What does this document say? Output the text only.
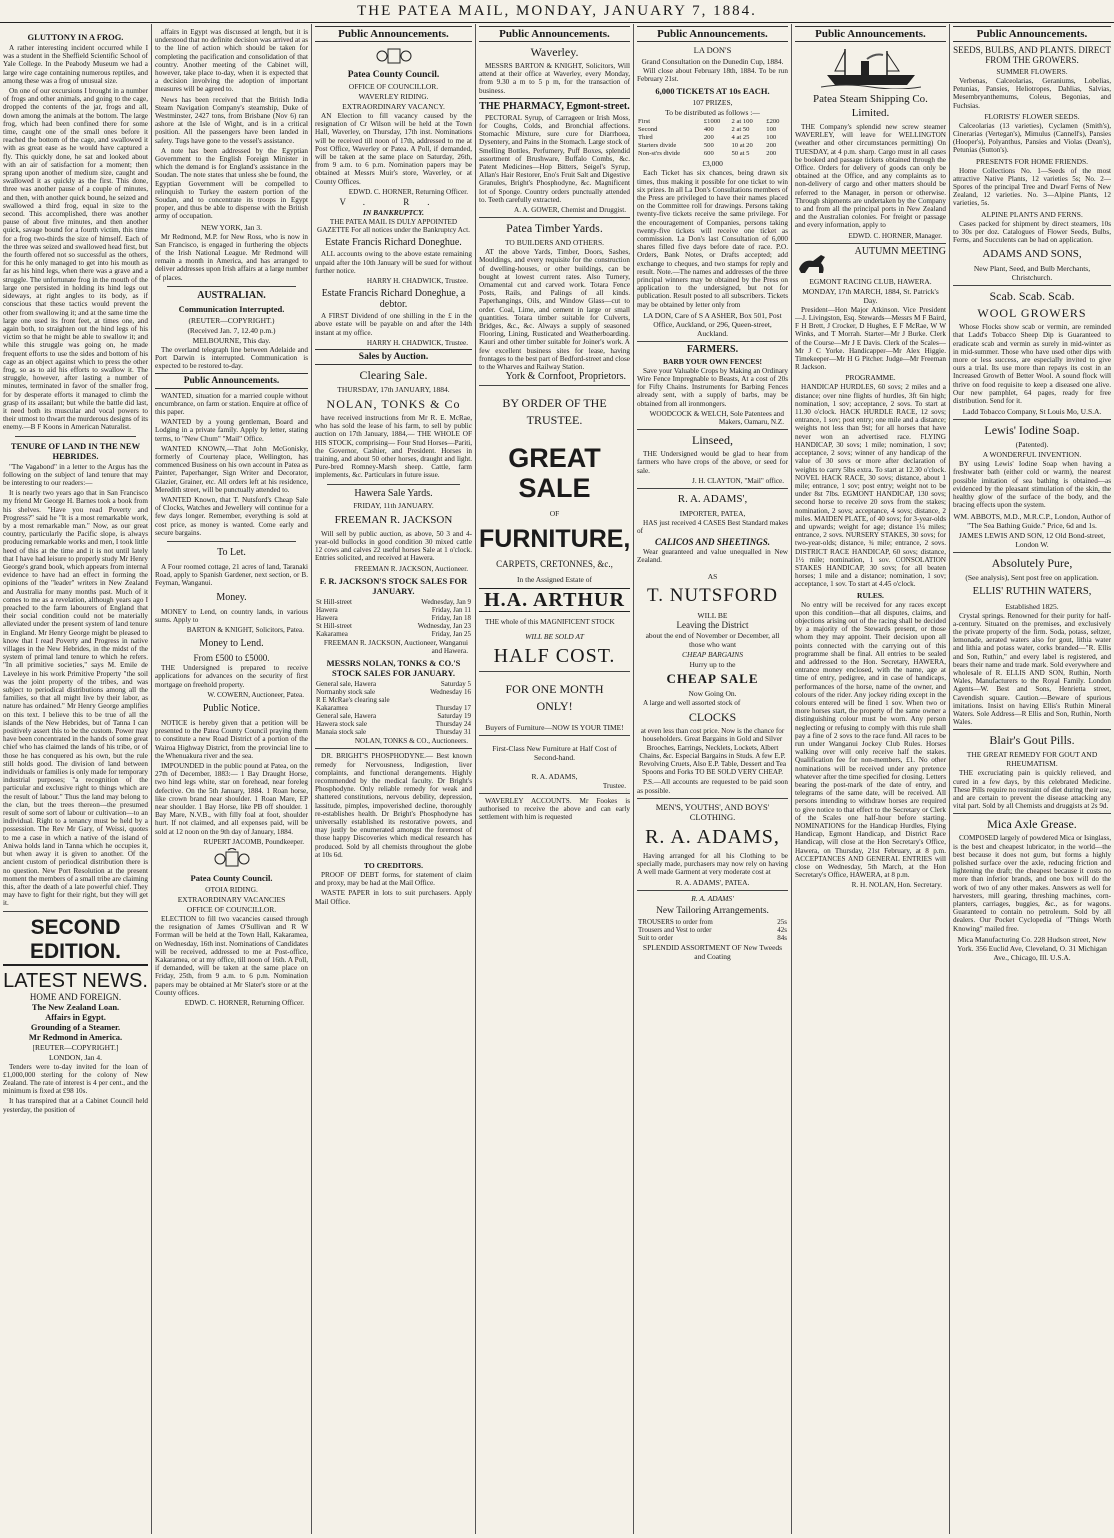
THE PATEA MAIL, MONDAY, JANUARY 7, 1884.
GLUTTONY IN A FROG.

A rather interesting incident occurred while I was a student in the Sheffield Scientific School of Yale College. In the Peabody Museum we had a large wire cage containing numerous reptiles, and among these was a frog of unusual size.

On one of our excursions I brought in a number of frogs and other animals, and going to the cage, dropped the contents of the jar, frogs and all, down among the animals at the bottom. The large frog, which had been confined there for some time, caught one of the small ones before it reached the bottom of the cage, and swallowed it with as great ease as he would have captured a fly. This quickly done, he sat and looked about with an air of satisfaction for a moment; then sprang upon another of medium size, caught and swallowed it as quickly as the first. This done, three was another pause of a couple of minutes, and then, with another quick bound, he seized and swallowed a third frog, equal in size to the second. This accomplished, there was another pause of about five minutes, and then another quick, savage bound for a fourth victim, this time for a frog two-thirds the size of himself. Each of the three was seized and swallowed head first, but the fourth offered not so successful as the others, for this he only managed to get into his mouth as far as his hind legs, when there was a grave and a struggle. The unfortunate frog in the mouth of the large one persisted in holding its hind legs out sideways, at right angles to its body, as if conscious that these tactics would prevent the other from swallowing it; and at the same time the large one used its front feet, at times one, and again both, to straighten out the hind legs of his victim so that he might be able to swallow it; and while this struggle was going on, he made frequent efforts to use the sides and bottom of his cage as an object against which to press the other frog, so as to aid his efforts to swallow it. The struggle, however, after lasting a number of minutes, terminated in favor of the smaller frog, for by desperate efforts it managed to climb the grasp of its assailant; but while the battle did last, it need both its muscular and vocal powers to their utmost to thwart the murderous designs of its enemy.—B F Koons in American Naturalist.

TENURE OF LAND IN THE NEW HEBRIDES.

"The Vagabond" in a letter to the Argus has the following on the subject of land tenure that may be interesting to our readers:—

It is nearly two years ago that in San Francisco my friend Mr George H. Barnes took a book from his shelves. "Have you read Poverty and Progress?" said he "It is a most remarkable work, by a most remarkable man." Now, as our great country, particularly the Pacific slope, is always producing remarkable works and men, I took little heed of this at the time and it is not until lately that I have had leisure to properly study Mr Henry George's grand book, which appears from internal evidence to have had an effect in forming the opinions of the "leader" writers in New Zealand and Australia for many months past. Much of it comes to me as a revelation, although years ago I preached to the farm labourers of England that their social condition could not be materially alleviated under the present system of land tenure in England. Mr Henry George might be pleased to know that I read Poverty and Progress in native villages in the New Hebrides, in the midst of the system of primal land tenure to which he refers. "In all primitive societies," says M. Emile de Laveleye in his work Primitive Property "the soil was the joint property of the tribes, and was subject to periodical distributions among all the families, so that all might live by their labor, as nature has ordained." Mr Henry George amplifies on this text. I believe this to be true of all the islands of the New Hebrides, but of Tanna I can positively assert this to be the custom. Power may have been concentrated in the hands of some great chief who has claimed the lands of his tribe, or of those he has conquered as his own, but the rule still holds good. The division of land between individuals or families is only made for temporary industrial purposes; "a recognition of the particular and exclusive right to things which are the result of labour." Thus the land may belong to the clan, but the trees thereon—the presumed result of some sort of labour or cultivation—to an individual. Right to a tenancy must be held by a possession. The Rev Mr Gary, of Weissi, quotes to me a case in which a native of the island of Aniwa holds land in Tanna which he occupies it, but when away it is given to another. Of the ancient custom of periodical distribution there is no question. New Port Resolution at the present moment the members of a small tribe are claiming this, after the death of a late powerful chief. They may have to fight for their right, but they will get it.

SECOND EDITION.
LATEST NEWS.
HOME AND FOREIGN.
The New Zealand Loan.
Affairs in Egypt.
Grounding of a Steamer.
Mr Redmond in America.
[REUTER—COPYRIGHT.]
LONDON, Jan 4.

Tenders were to-day invited for the loan of £1,000,000 sterling for the colony of New Zealand. The rate of interest is 4 per cent., and the minimum is fixed at £98 10s.

It has transpired that at a Cabinet Council held yesterday, the position of

affairs in Egypt was discussed at length, but it is understood that no definite decision was arrived at as to the line of action which should be taken for completing the pacification and consolidation of that country. Another meeting of the Cabinet will, however, take place to-day, when it is expected that a decision involving the adoption of important measures will be agreed to.

News has been received that the British India Steam Navigation Company's steamship, Duke of Westminster, 2427 tons, from Brisbane (Nov 6) ran ashore at the Isle of Wight, and is in a critical position. All the passengers have been landed in safety. Tugs have gone to the vessel's assistance.

A note has been addressed by the Egyptian Government to the English Foreign Minister in which the demand is for England's assistance in the Soudan. The note states that unless she be found, the Egyptian Government will be compelled to relinquish to Turkey the eastern portion of the Soudan, and to concentrate its troops in Egypt proper, and thus be able to dispense with the British army of occupation.

NEW YORK, Jan 3.

Mr Redmond, M.P. for New Ross, who is now in San Francisco, is engaged in furthering the objects of the Irish National League. Mr Redmond will remain a month in America, and has arranged to deliver addresses upon Irish affairs at a large number of places.

AUSTRALIAN.
Communication Interrupted.
(REUTER—COPYRIGHT.)
(Received Jan. 7, 12.40 p.m.)
MELBOURNE, This day.

The overland telegraph line between Adelaide and Port Darwin is interrupted. Communication is expected to be restored to-day.

Public Announcements.

WANTED, situation for a married couple without encumbrance, on farm or station. Enquire at office of this paper.

WANTED by a young gentleman, Board and Lodging in a private family. Apply by letter, stating terms, to "New Chum" "Mail" Office.

WANTED KNOWN,—That John McGonisky, formerly of Courtenay place, Wellington, has commenced Business on his own account in Patea as Painter, Paperhanger, Sign Writer and Decorator, Glazier, Grainer, etc. All orders left at his residence, Meredith street, will be punctually attended to.

WANTED Known, that T. Nutsford's Cheap Sale of Clocks, Watches and Jewellery will continue for a few days longer. Remember, everything is sold at cost price, as money is wanted. Come early and secure bargains.

To Let.

A Four roomed cottage, 21 acres of land, Taranaki Road, apply to Spanish Gardener, next section, or B. Feyman, Wanganui.

Money.

MONEY to Lend, on country lands, in various sums. Apply to

BARTON & KNIGHT, Solicitors, Patea.
Money to Lend.
From £500 to £5000.

THE Undersigned is prepared to receive applications for advances on the security of first mortgage on freehold property.

W. COWERN, Auctioneer, Patea.
Public Notice.

NOTICE is hereby given that a petition will be presented to the Patea County Council praying them to constitute a new Road District of a portion of the Wairoa Highway District, from the provincial line to the Whenuakura river and the sea.

IMPOUNDED in the public pound at Patea, on the 27th of December, 1883:— 1 Bay Draught Horse, two hind legs white, star on forehead, near foreleg defective. On the 5th January, 1884. 1 Roan horse, like crown brand near shoulder. 1 Roan Mare, EP near shoulder. 1 Bay Horse, like PB off shoulder. 1 Bay Mare, N.V.B., with filly foal at foot, shoulder hurt. If not claimed, and all expenses paid, will be sold at 12 noon on the 9th day of January, 1884.

RUPERT JACOMB, Poundkeeper.
Patea County Council.
OTOIA RIDING.
EXTRAORDINARY VACANCIES
OFFICE OF COUNCILLOR.

ELECTION to fill two vacancies caused through the resignation of James O'Sullivan and R W Forrman will be held at the Town Hall, Kakaramea, on Wednesday, 16th inst. Nominations of Candidates will be received, addressed to me at Post-office, Kakaramea, or at my office, till noon of 16th. A Poll, if demanded, will be taken at the same place on Friday, 25th, from 9 a.m. to 6 p.m. Nomination papers may be obtained at Mr Slater's store or at the County offices.

EDWD. C. HORNER, Returning Officer.
Public Announcements.
Patea County Council.
OFFICE OF COUNCILLOR.
WAVERLEY RIDING.
EXTRAORDINARY VACANCY.

AN Election to fill vacancy caused by the resignation of Cr Wilson will be held at the Town Hall, Waverley, on Thursday, 17th inst. Nominations will be received till noon of 17th, addressed to me at Post Office, Waverley or Patea. A Poll, if demanded, will be taken at the same place on Saturday, 26th, from 9 a.m. to 6 p.m. Nomination papers may be obtained at Messrs Muir's store, Waverley, or at County Offices.

EDWD. C. HORNER, Returning Officer.
V. R.
IN BANKRUPTCY.

THE PATEA MAIL IS DULY APPOINTED GAZETTE For all notices under the Bankruptcy Act.

Estate Francis Richard Doneghue.

ALL accounts owing to the above estate remaining unpaid after the 10th January will be sued for without further notice.

HARRY H. CHADWICK, Trustee.
Estate Francis Richard Doneghue, a debtor.

A FIRST Dividend of one shilling in the £ in the above estate will be payable on and after the 14th instant at my office.

HARRY H. CHADWICK, Trustee.
Sales by Auction.
Clearing Sale.
THURSDAY, 17th JANUARY, 1884.
NOLAN, TONKS & Co

have received instructions from Mr R. E. McRae, who has sold the lease of his farm, to sell by public auction on 17th January, 1884,— THE WHOLE OF HIS STOCK, comprising— Four Stud Horses—Pariti, the Governor, Cashier, and President. Horses in training, and about 50 other horses, draught and light. Pure-bred Romney-Marsh sheep. Cattle, farm implements, &c. Particulars in future issue.

Hawera Sale Yards.
FRIDAY, 11th JANUARY.
FREEMAN R. JACKSON

Will sell by public auction, as above, 50 3 and 4-year-old bullocks in good condition 30 mixed cattle 12 cows and calves 22 useful horses Sale at 1 o'clock. Entries solicited, and received at Hawera.

FREEMAN R. JACKSON, Auctioneer.
F. R. JACKSON'S STOCK SALES FOR JANUARY.
St Hill-street	Wednesday, Jan 9
Hawera	Friday, Jan 11
Hawera	Friday, Jan 18
St Hill-street	Wednesday, Jan 23
Kakaramea	Friday, Jan 25
FREEMAN R. JACKSON, Auctioneer, Wanganui and Hawera.
MESSRS NOLAN, TONKS & CO.'S STOCK SALES FOR JANUARY.
General sale, Hawera	Saturday 5
Normanby stock sale	Wednesday 16
R E McRae's clearing sale	
Kakaramea	Thursday 17
General sale, Hawera	Saturday 19
Hawera stock sale	Thursday 24
Manaia stock sale	Thursday 31
NOLAN, TONKS & CO., Auctioneers.

DR. BRIGHT'S PHOSPHODYNE.— Best known remedy for Nervousness, Indigestion, liver complaints, and functional derangements. Highly recommended by the medical faculty. Dr Bright's Phosphodyne. Only reliable remedy for weak and shattered constitutions, nervous debility, depression, lassitude, pimples, impoverished decline, thoroughly re-establishes health. Dr Bright's Phosphodyne has universally established its restorative powers, and may justly be enumerated amongst the foremost of those happy Discoveries which medical research has produced. Sold by all chemists throughout the globe at 10s 6d.

TO CREDITORS.

PROOF OF DEBT forms, for statement of claim and proxy, may be had at the Mail Office.

WASTE PAPER in lots to suit purchasers. Apply Mail Office.

Public Announcements.
Waverley.

MESSRS BARTON & KNIGHT, Solicitors, Will attend at their office at Waverley, every Monday, from 9.30 a m to 5 p m, for the transaction of business.

THE PHARMACY, Egmont-street.

PECTORAL Syrup, of Carrageen or Irish Moss, for Coughs, Colds, and Bronchial affections. Stomachic Mixture, sure cure for Diarrhoea, Dysentery, and Pains in the Stomach. Large stock of Smelling Bottles, Perfumery, Puff Boxes, splendid assortment of Brushware, Buffalo Combs, &c. Patent Medicines—Hop Bitters, Seigel's Syrup, Allan's Hair Restorer, Eno's Fruit Salt and Digestive Granules, Bright's Phosphodyne, &c. Magnificent lot of Sponge. Country orders punctually attended to. Teeth carefully extracted.

A. A. GOWER, Chemist and Druggist.
Patea Timber Yards.
TO BUILDERS AND OTHERS.

AT the above Yards, Timber, Doors, Sashes, Mouldings, and every requisite for the construction of dwelling-houses, or other buildings, can be bought at lowest current rates. Also Turnery, Ornamental cut and carved work. Totara Fence Posts, Rails, and Palings of all kinds. Paperhangings, Oils, and Window Glass—cut to order. Coal, Lime, and cement in large or small quantities. Totara timber suitable for Culverts, Bridges, &c., &c. Always a supply of seasoned Flooring, Lining, Rusticated and Weatherboarding. Kauri and other timber suitable for Joiner's work. A few excellent business sites for lease, having frontages to the best part of Bedford-street and close to the Wharves and Railway Station.

York & Cornfoot, Proprietors.
BY ORDER OF THE
TRUSTEE.
GREAT SALE
OF
FURNITURE,
CARPETS, CRETONNES, &c.,
In the Assigned Estate of
H.A. ARTHUR

THE whole of this MAGNIFICENT STOCK

WILL BE SOLD AT
HALF COST.
FOR ONE MONTH
ONLY!
Buyers of Furniture—NOW IS YOUR TIME!
First-Class New Furniture at Half Cost of Second-hand.
R. A. ADAMS,
Trustee.

WAVERLEY ACCOUNTS. Mr Fookes is authorised to receive the above and can early settlement with him is requested

Public Announcements.
LA DON'S
Grand Consultation on the Dunedin Cup, 1884.

Will close about February 18th, 1884. To be run February 21st.

6,000 TICKETS AT 10s EACH.
107 PRIZES,
To be distributed as follows :—
First	£1000	2 at 100	£200
Second	400	2 at 50	100
Third	200	4 at 25	100
Starters divide	500	10 at 20	200
Non-st'rs divide	600	50 at 5	200
£3,000

Each Ticket has six chances, being drawn six times, thus making it possible for one ticket to win six prizes. In all La Don's Consultations members of the Press are privileged to have their names placed on the Committee roll for drawings. Persons taking twenty-five tickets receive the same privilege. For the encouragement of Companies, persons taking twenty-five tickets will receive one ticket as commission. La Don's last Consultation of 6,000 shares filled five days before date of race. P.O. Orders, Bank Notes, or Drafts accepted; add exchange to cheques, and two stamps for reply and result. Note.—The names and addresses of the three principal winners may be obtained by the Press on application to the undersigned, but not for publication. Result posted to all subscribers. Tickets may be obtained by letter only from

LA DON, Care of S A ASHER, Box 501, Post Office, Auckland, or 296, Queen-street, Auckland.
FARMERS.
BARB YOUR OWN FENCES!

Save your Valuable Crops by Making an Ordinary Wire Fence Impregnable to Beasts, At a cost of 20s for Fifty Chains. Instruments for Barbing Fences already sent, with a supply of barbs, may be obtained from all ironmongers.

WOODCOCK & WELCH, Sole Patentees and Makers, Oamaru, N.Z.
Linseed,

THE Undersigned would be glad to hear from farmers who have crops of the above, or seed for sale.

J. H. CLAYTON, "Mail" office.
R. A. ADAMS',
IMPORTER, PATEA,

HAS just received 4 CASES Best Standard makes of

CALICOS AND SHEETINGS.

Wear guaranteed and value unequalled in New Zealand.

AS
T. NUTSFORD
WILL BE
Leaving the District
about the end of November or December, all those who want
CHEAP BARGAINS
Hurry up to the
CHEAP SALE
Now Going On.

A large and well assorted stock of

CLOCKS

at even less than cost price. Now is the chance for householders. Great Bargains in Gold and Silver Brooches, Earrings, Necklets, Lockets, Albert Chains, &c. Especial Bargains in Studs. A few E.P. Revolving Cruets, Also E.P. Table, Dessert and Tea Spoons and Forks TO BE SOLD VERY CHEAP.

P.S.—All accounts are requested to be paid soon as possible.

MEN'S, YOUTHS', AND BOYS' CLOTHING.
R. A. ADAMS,

Having arranged for all his Clothing to be specially made, purchasers may now rely on having A well made Garment at very moderate cost at

R. A. ADAMS', PATEA.
R. A. ADAMS'
New Tailoring Arrangements.
TROUSERS to order from	25s
Trousers and Vest to order	42s
Suit to order	84s
SPLENDID ASSORTMENT OF New Tweeds and Coating
Public Announcements.
Patea Steam Shipping Co. Limited.

THE Company's splendid new screw steamer WAVERLEY, will leave for WELLINGTON (weather and other circumstances permitting) On TUESDAY, at 4 p.m. sharp. Cargo must in all cases be booked and passage tickets obtained through the Office. Orders for delivery of goods can only be obtained at the Office, and any complaints as to non-delivery of cargo and other matters should be referred to the Manager, in person or otherwise. Through shipments are undertaken by the Company to and from all the principal ports in New Zealand and the Australian colonies. For freight or passage and every information, apply to

EDWD. C. HORNER, Manager.
AUTUMN MEETING
EGMONT RACING CLUB, HAWERA.
MONDAY, 17th MARCH, 1884, St. Patrick's Day.

President—Hon Major Atkinson. Vice President—J. Livingston, Esq. Stewards—Messrs M F Baird, F H Brett, J Crocker, D Hughes, E F McRae, W W Winks, and T Morrah. Starter—Mr J Burke. Clerk of the Course—Mr J E Davis. Clerk of the Scales—Mr J C Yorke. Handicapper—Mr Alex Higgie. Timekeeper—Mr H G Pitcher. Judge—Mr Freeman R Jackson.

PROGRAMME.

HANDICAP HURDLES, 60 sovs; 2 miles and a distance; over nine flights of hurdles, 3ft 6in high; nomination, 1 sov; acceptance, 2 sovs. To start at 11.30 o'clock. HACK HURDLE RACE, 12 sovs; entrance, 1 sov; post entry; one mile and a distance; weights not less than 9st; for all horses that have never won an advertised race. FLYING HANDICAP, 30 sovs; 1 mile; nomination, 1 sov; acceptance, 2 sovs; winner of any handicap of the value of 30 sovs or more after declaration of weights to carry 5lbs extra. To start at 12.30 o'clock. NOVEL HACK RACE, 30 sovs; distance, about 1 mile; entrance, 1 sov; post entry; weight not to be under 8st 7lbs. EGMONT HANDICAP, 130 sovs; second horse to receive 20 sovs from the stakes; nomination, 2 sovs; acceptance, 4 sovs; distance, 2 miles. MAIDEN PLATE, of 40 sovs; for 3-year-olds and upwards; weight for age; distance 1¼ miles; entrance, 2 sovs. NURSERY STAKES, 30 sovs; for two-year-olds; distance, ¾ mile; entrance, 2 sovs. DISTRICT RACE HANDICAP, 60 sovs; distance, 1½ mile; nomination, 1 sov. CONSOLATION STAKES HANDICAP, 30 sovs; for all beaten horses; 1 mile and a distance; nomination, 1 sov; acceptance, 1 sov. To start at 4.45 o'clock.

RULES.

No entry will be received for any races except upon this condition—that all disputes, claims, and objections arising out of the racing shall be decided by a majority of the Stewards present, or those whom they may appoint. Their decision upon all points connected with the carrying out of this programme shall be final. All entries to be sealed and addressed to the Hon. Secretary, HAWERA, entrance money enclosed, with the name, age at time of entry, pedigree, and in case of handicaps, performances of the horse, name of the owner, and colours of the rider. Any jockey riding except in the colours entered will be fined 1 sov. When two or more horses start, the property of the same owner a distinguishing colour must be worn. Any person neglecting or refusing to comply with this rule shall pay a fine of 2 sovs to the race fund. All races to be run under Wanganui Jockey Club Rules. Horses walking over will only receive half the stakes. Qualification fee for non-members, £1. No other nominations will be received under any pretence whatever after the time specified for closing. Letters bearing the post-mark of the date of entry, and telegrams of the same date, will be received. All persons intending to withdraw horses are required to give notice to that effect to the Secretary or Clerk of the Scales one half-hour before starting. NOMINATIONS for the Handicap Hurdles, Flying Handicap, Egmont Handicap, and District Race Handicap, will close at the Hon Secretary's Office, Hawera, on Thursday, 21st February, at 8 p.m. ACCEPTANCES AND GENERAL ENTRIES will close on Wednesday, 5th March, at the Hon Secretary's Office, HAWERA, at 8 p.m.

R. H. NOLAN, Hon. Secretary.
Public Announcements.
SEEDS, BULBS, AND PLANTS. DIRECT FROM THE GROWERS.
SUMMER FLOWERS.

Verbenas, Calceolarias, Geraniums, Lobelias, Petunias, Pansies, Heliotropes, Dahlias, Salvias, Mesembryanthemums, Coleus, Begonias, and Fuchsias.

FLORISTS' FLOWER SEEDS.

Calceolarias (13 varieties), Cyclamen (Smith's), Cinerarias (Vertegan's), Mimulus (Cannell's), Pansies (Hooper's), Polyanthus, Pansies and Violas (Dean's), Petunias (Sutton's).

PRESENTS FOR HOME FRIENDS.

Home Collections No. 1—Seeds of the most attractive Native Plants, 12 varieties 5s; No. 2—Spores of the principal Tree and Dwarf Ferns of New Zealand, 12 varieties. No. 3—Alpine Plants, 12 varieties, 5s.

ALPINE PLANTS AND FERNS.

Cases packed for shipment by direct steamers, 10s to 30s per doz. Catalogues of Flower Seeds, Bulbs, Ferns, and Succulents can be had on application.

ADAMS AND SONS,
New Plant, Seed, and Bulb Merchants, Christchurch.
Scab. Scab. Scab.
WOOL GROWERS

Whose Flocks show scab or vermin, are reminded that Ladd's Tobacco Sheep Dip is Guaranteed to eradicate scab and vermin as surely in mid-winter as in mid-summer. Those who have used other dips with more or less success, are especially invited to give ours a trial. Its use more than repays its cost in an Increased Growth of Better Wool. A sound flock will thrive on food requisite to keep a diseased one alive. Our new pamphlet, 64 pages, ready for free distribution. Send for it.

Ladd Tobacco Company, St Louis Mo, U.S.A.
Lewis' Iodine Soap.
(Patented).
A WONDERFUL INVENTION.

BY using Lewis' Iodine Soap when having a freshwater bath (either cold or warm), the nearest possible imitation of sea bathing is obtained—as evidenced by the pleasant stimulation of the skin, the healthy glow of the surface of the body, and the bracing effects upon the system.

WM. ABBOTS, M.D., M.R.C.P., London, Author of "The Sea Bathing Guide." Price, 6d and 1s.
JAMES LEWIS AND SON, 12 Old Bond-street, London W.
Absolutely Pure,
(See analysis), Sent post free on application.
ELLIS' RUTHIN WATERS,
Established 1825.

Crystal springs. Renowned for their purity for half-a-century. Situated on the premises, and exclusively the private property of the firm. Soda, potass, seltzer, lemonade, aerated waters also for gout, lithia water and lithia and potass water, corks branded—"R. Ellis and Son, Ruthin," and every label is registered, and bears their name and trade mark. Sold everywhere and wholesale of R. ELLIS AND SON, Ruthin, North Wales, Manufacturers to the Royal Family. London Agents—W. Best and Sons, Henrietta street, Cavendish square. Caution.—Beware of spurious imitations. Insist on having Ellis's Ruthin Mineral Waters. Sole Address—R Ellis and Son, Ruthin, North Wales.

Blair's Gout Pills.
THE GREAT REMEDY FOR GOUT AND RHEUMATISM.

THE excruciating pain is quickly relieved, and cured in a few days, by this celebrated Medicine. These Pills require no restraint of diet during their use, and are certain to prevent the disease attacking any vital part. Sold by all Chemists and druggists at 2s 9d.

Mica Axle Grease.

COMPOSED largely of powdered Mica or Isinglass, is the best and cheapest lubricator, in the world—the best because it does not gum, but forms a highly polished surface over the axle, reducing friction and lightening the draft; the cheapest because it costs no more than inferior brands, and one box will do the work of two of any other makes. Answers as well for harvesters, mill gearing, threshing machines, corn-planters, carriages, buggies, &c., as for wagons. Guaranteed to contain no petroleum. Sold by all dealers. Our Pocket Cyclopedia of "Things Worth Knowing" mailed free.

Mica Manufacturing Co. 228 Hudson street, New York. 356 Euclid Ave, Cleveland, O. 31 Michigan Ave., Chicago, Ill. U.S.A.
